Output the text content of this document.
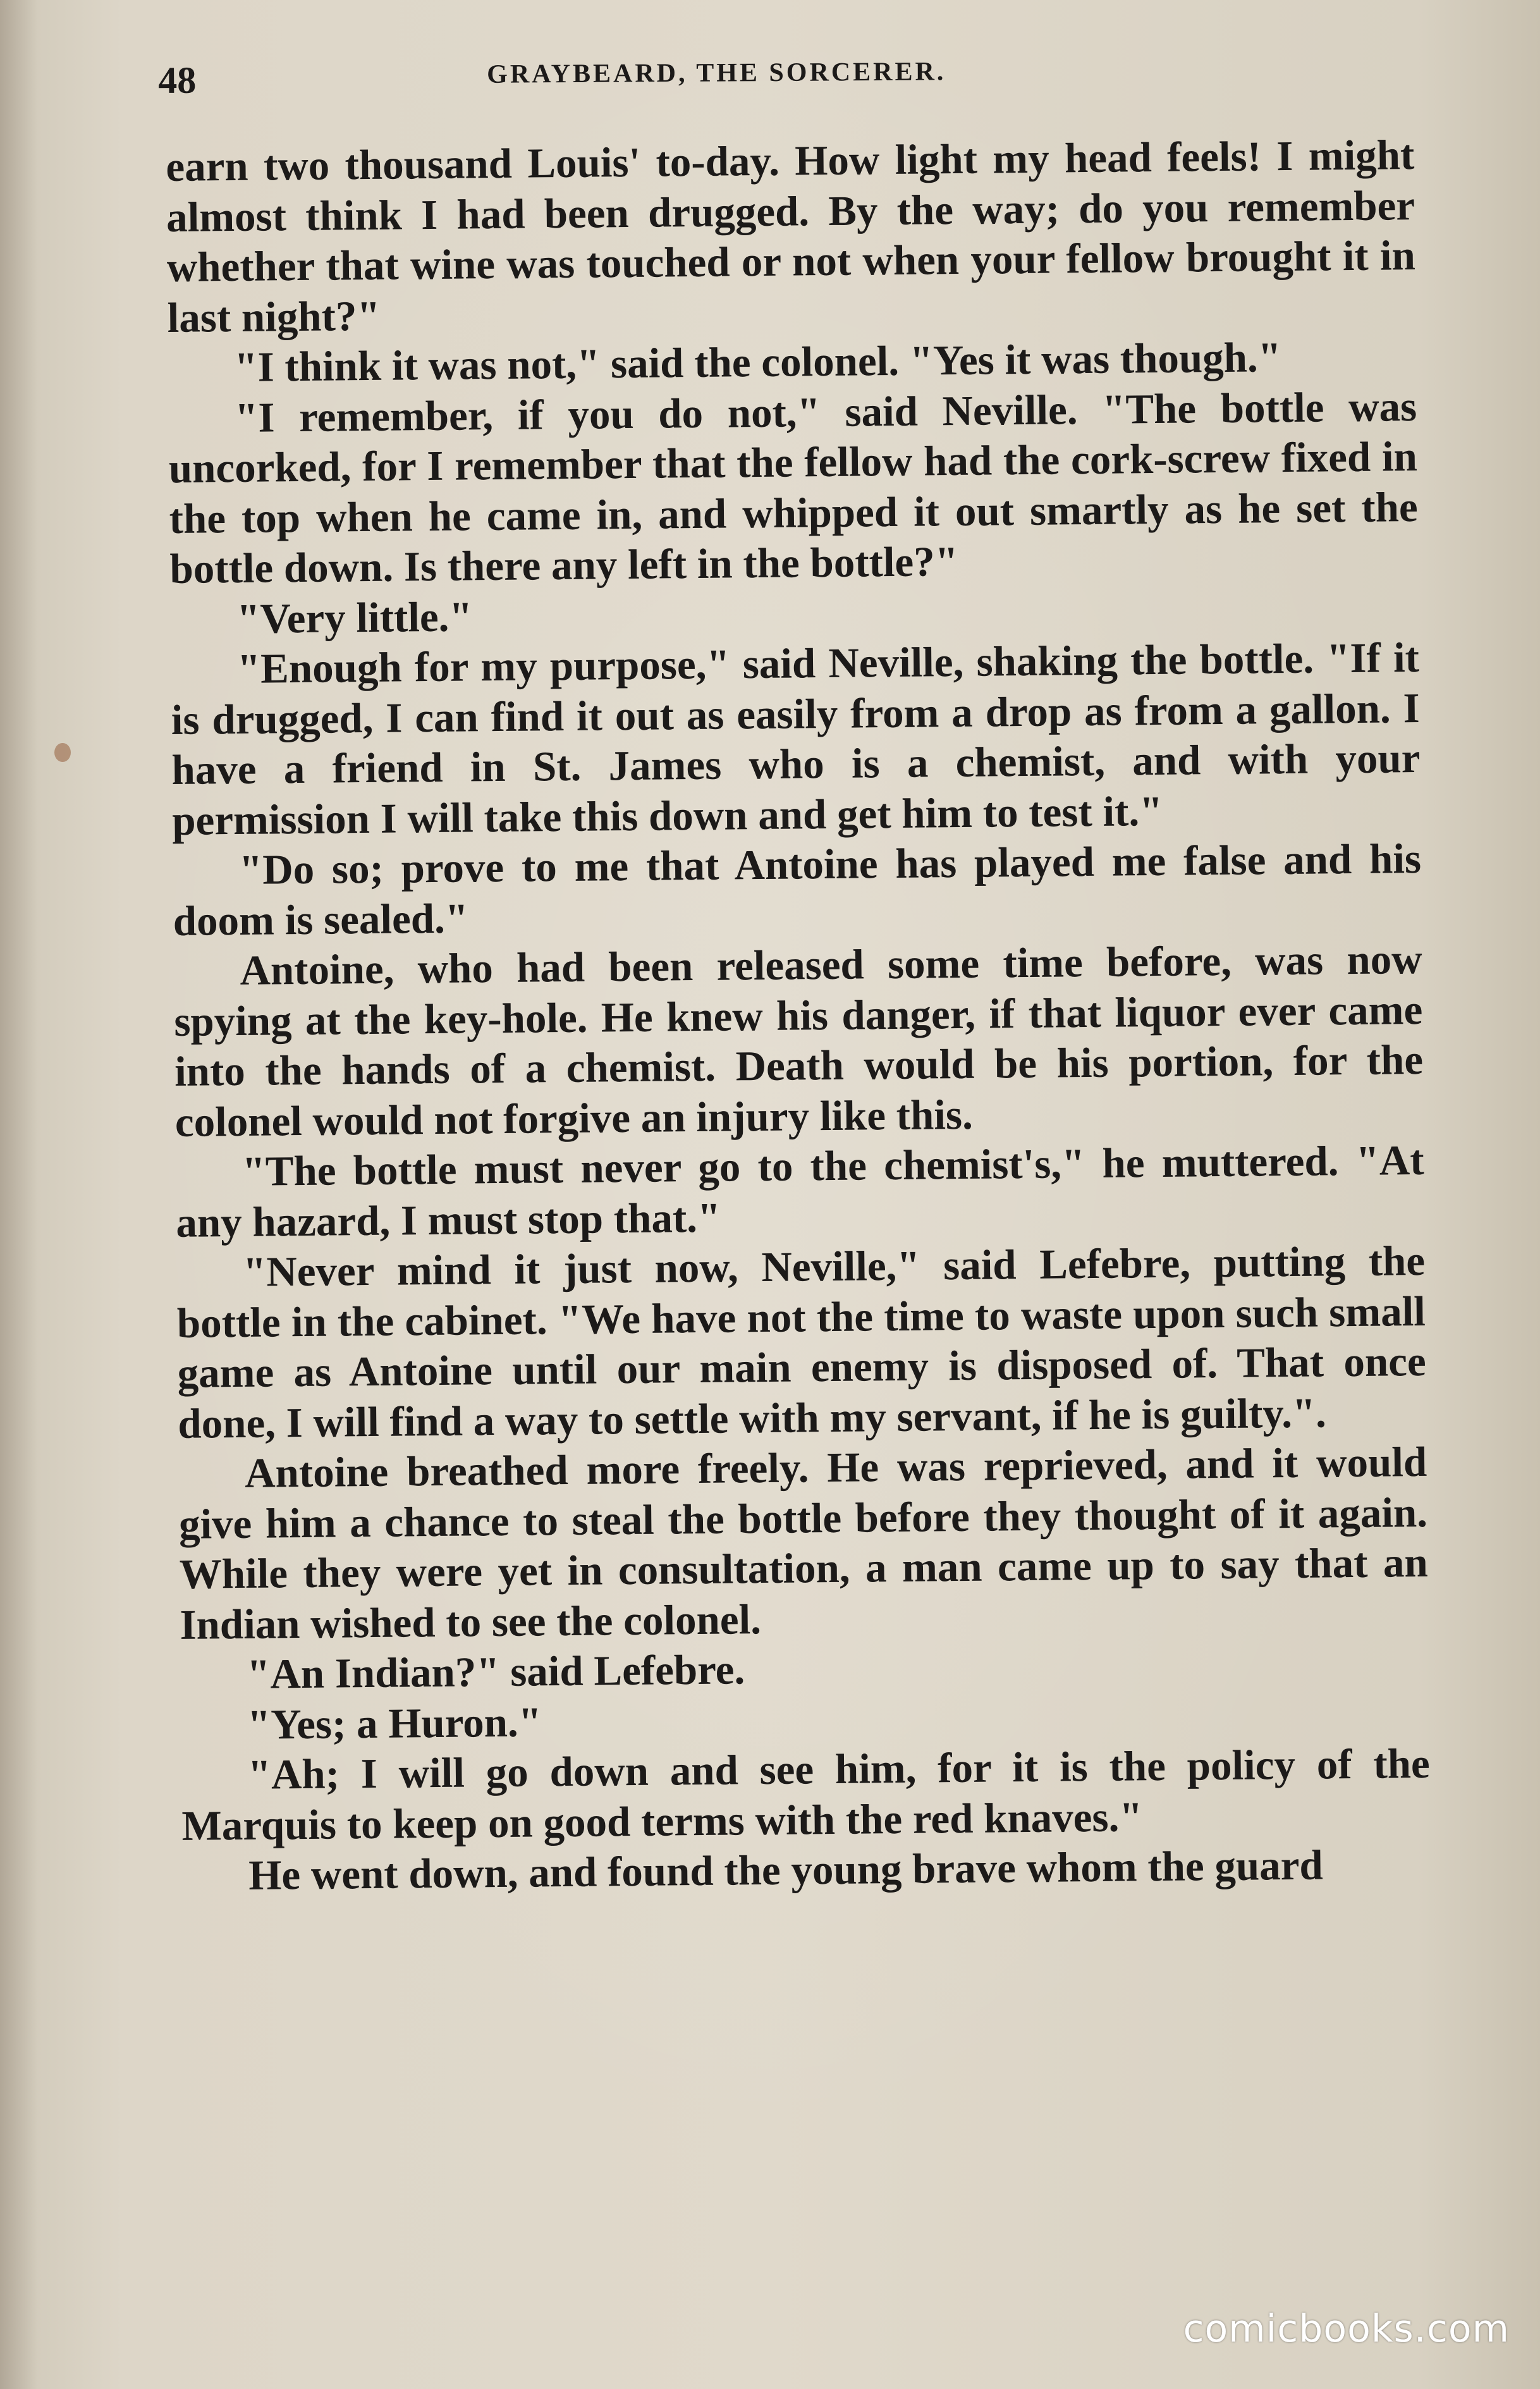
48	GRAYBEARD, THE SORCERER.

earn two thousand Louis' to-day. How light my head feels! I might almost think I had been drugged. By the way; do you remember whether that wine was touched or not when your fellow brought it in last night?"

"I think it was not," said the colonel. "Yes it was though."

"I remember, if you do not," said Neville. "The bottle was uncorked, for I remember that the fellow had the cork-screw fixed in the top when he came in, and whipped it out smartly as he set the bottle down. Is there any left in the bottle?"

"Very little."

"Enough for my purpose," said Neville, shaking the bottle. "If it is drugged, I can find it out as easily from a drop as from a gallon. I have a friend in St. James who is a chemist, and with your permission I will take this down and get him to test it."

"Do so; prove to me that Antoine has played me false and his doom is sealed."

Antoine, who had been released some time before, was now spying at the key-hole. He knew his danger, if that liquor ever came into the hands of a chemist. Death would be his portion, for the colonel would not forgive an injury like this.

"The bottle must never go to the chemist's," he muttered. "At any hazard, I must stop that."

"Never mind it just now, Neville," said Lefebre, putting the bottle in the cabinet. "We have not the time to waste upon such small game as Antoine until our main enemy is disposed of. That once done, I will find a way to settle with my servant, if he is guilty.".

Antoine breathed more freely. He was reprieved, and it would give him a chance to steal the bottle before they thought of it again. While they were yet in consultation, a man came up to say that an Indian wished to see the colonel.

"An Indian?" said Lefebre.

"Yes; a Huron."

"Ah; I will go down and see him, for it is the policy of the Marquis to keep on good terms with the red knaves."

He went down, and found the young brave whom the guard

comicbooks.com
